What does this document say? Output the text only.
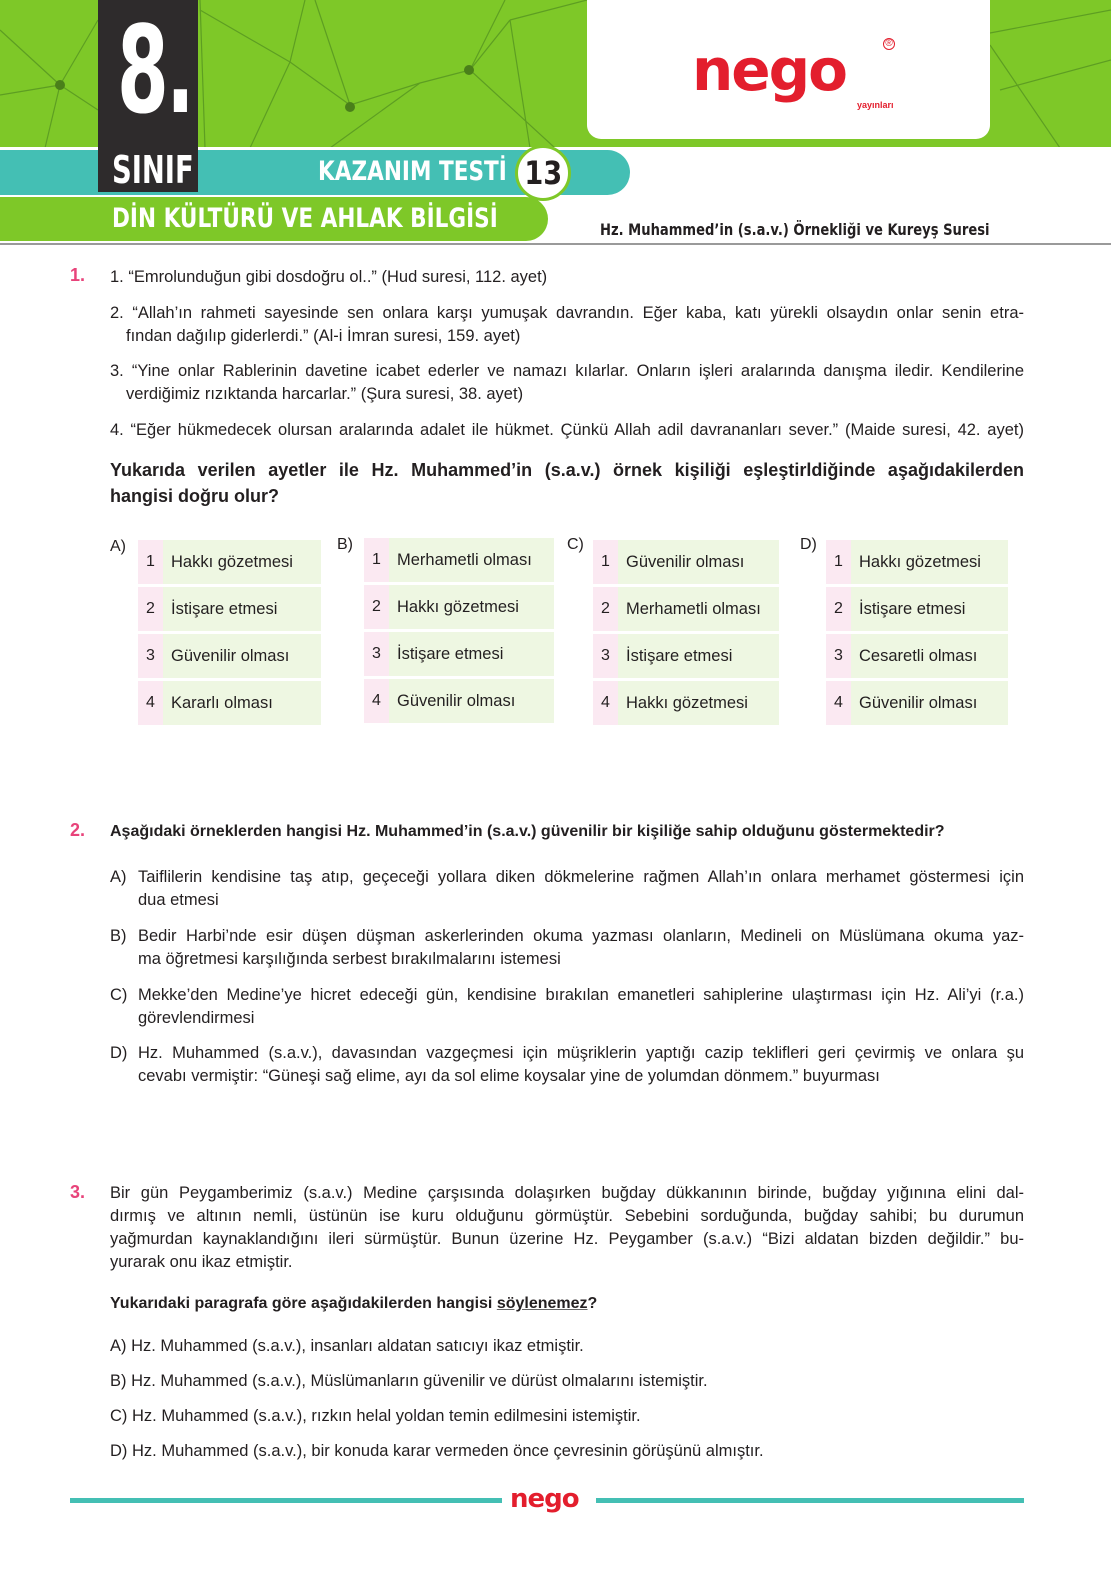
8.
SINIF
nego	®
yayınları
KAZANIM TESTİ 13
DİN KÜLTÜRÜ VE AHLAK BİLGİSİ	Hz. Muhammed’in (s.a.v.) Örnekliği ve Kureyş Suresi
1. 1. “Emrolunduğun gibi dosdoğru ol..” (Hud suresi, 112. ayet)
2. “Allah’ın rahmeti sayesinde sen onlara karşı yumuşak davrandın. Eğer kaba, katı yürekli olsaydın onlar senin etra-
fından dağılıp giderlerdi.” (Al-i İmran suresi, 159. ayet)
3. “Yine onlar Rablerinin davetine icabet ederler ve namazı kılarlar. Onların işleri aralarında danışma iledir. Kendilerine
verdiğimiz rızıktanda harcarlar.” (Şura suresi, 38. ayet)
4. “Eğer hükmedecek olursan aralarında adalet ile hükmet. Çünkü Allah adil davrananları sever.” (Maide suresi, 42. ayet)
Yukarıda verilen ayetler ile Hz. Muhammed’in (s.a.v.) örnek kişiliği eşleştirldiğinde aşağıdakilerden
hangisi doğru olur?
A)
1 Hakkı gözetmesi
2 İstişare etmesi
3 Güvenilir olması
4 Kararlı olması
B)
1 Merhametli olması
2 Hakkı gözetmesi
3 İstişare etmesi
4 Güvenilir olması
C)
1 Güvenilir olması
2 Merhametli olması
3 İstişare etmesi
4 Hakkı gözetmesi
D)
1 Hakkı gözetmesi
2 İstişare etmesi
3 Cesaretli olması
4 Güvenilir olması
2. Aşağıdaki örneklerden hangisi Hz. Muhammed’in (s.a.v.) güvenilir bir kişiliğe sahip olduğunu göstermektedir?
A) Taiflilerin kendisine taş atıp, geçeceği yollara diken dökmelerine rağmen Allah’ın onlara merhamet göstermesi için
dua etmesi
B) Bedir Harbi’nde esir düşen düşman askerlerinden okuma yazması olanların, Medineli on Müslümana okuma yaz-
ma öğretmesi karşılığında serbest bırakılmalarını istemesi
C) Mekke’den Medine’ye hicret edeceği gün, kendisine bırakılan emanetleri sahiplerine ulaştırması için Hz. Ali’yi (r.a.)
görevlendirmesi
D) Hz. Muhammed (s.a.v.), davasından vazgeçmesi için müşriklerin yaptığı cazip teklifleri geri çevirmiş ve onlara şu
cevabı vermiştir: “Güneşi sağ elime, ayı da sol elime koysalar yine de yolumdan dönmem.” buyurması
3. Bir gün Peygamberimiz (s.a.v.) Medine çarşısında dolaşırken buğday dükkanının birinde, buğday yığınına elini dal-
dırmış ve altının nemli, üstünün ise kuru olduğunu görmüştür. Sebebini sorduğunda, buğday sahibi; bu durumun
yağmurdan kaynaklandığını ileri sürmüştür. Bunun üzerine Hz. Peygamber (s.a.v.) “Bizi aldatan bizden değildir.” bu-
yurarak onu ikaz etmiştir.
Yukarıdaki paragrafa göre aşağıdakilerden hangisi söylenemez?
A) Hz. Muhammed (s.a.v.), insanları aldatan satıcıyı ikaz etmiştir.
B) Hz. Muhammed (s.a.v.), Müslümanların güvenilir ve dürüst olmalarını istemiştir.
C) Hz. Muhammed (s.a.v.), rızkın helal yoldan temin edilmesini istemiştir.
D) Hz. Muhammed (s.a.v.), bir konuda karar vermeden önce çevresinin görüşünü almıştır.
nego
